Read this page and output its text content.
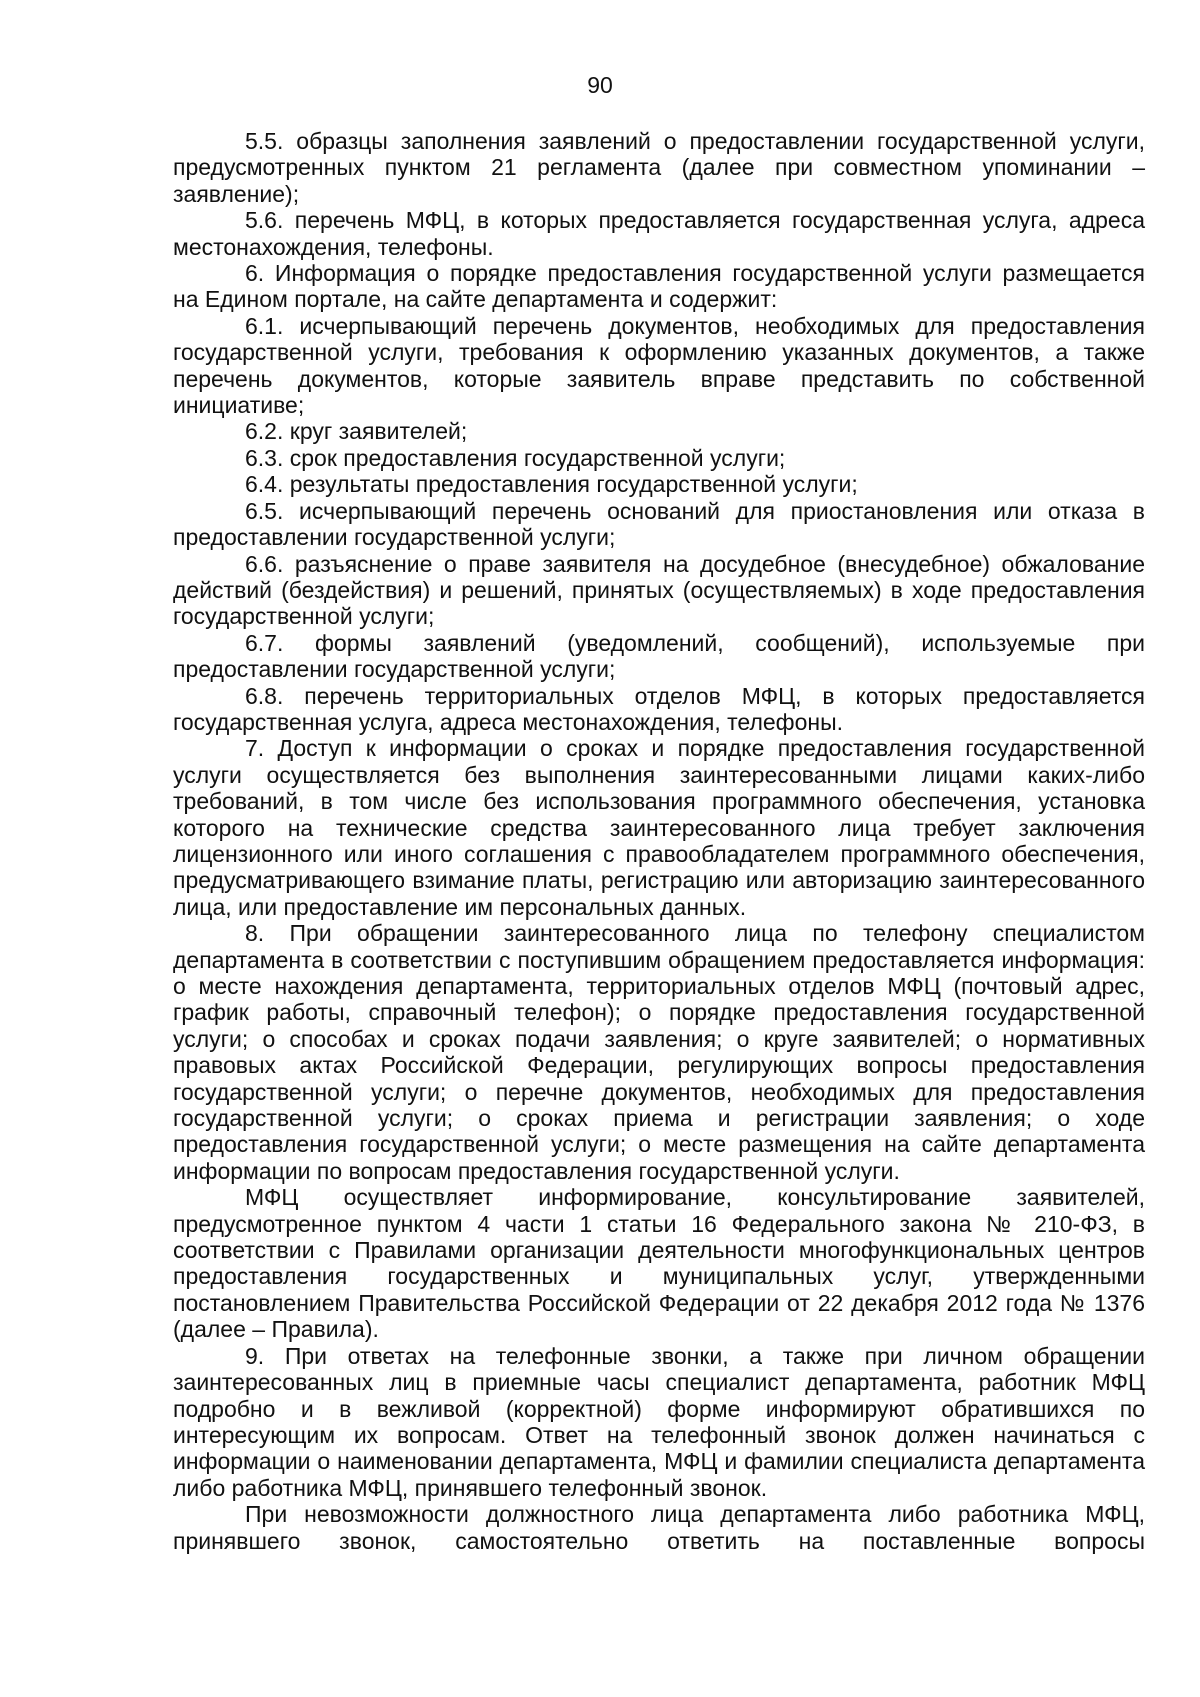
90

5.5. образцы заполнения заявлений о предоставлении государственной услуги, предусмотренных пунктом 21 регламента (далее при совместном упоминании – заявление);

5.6. перечень МФЦ, в которых предоставляется государственная услуга, адреса местонахождения, телефоны.

6. Информация о порядке предоставления государственной услуги размещается на Едином портале, на сайте департамента и содержит:

6.1. исчерпывающий перечень документов, необходимых для предоставления государственной услуги, требования к оформлению указанных документов, а также перечень документов, которые заявитель вправе представить по собственной инициативе;

6.2. круг заявителей;

6.3. срок предоставления государственной услуги;

6.4. результаты предоставления государственной услуги;

6.5. исчерпывающий перечень оснований для приостановления или отказа в предоставлении государственной услуги;

6.6. разъяснение о праве заявителя на досудебное (внесудебное) обжалование действий (бездействия) и решений, принятых (осуществляемых) в ходе предоставления государственной услуги;

6.7. формы заявлений (уведомлений, сообщений), используемые при предоставлении государственной услуги;

6.8. перечень территориальных отделов МФЦ, в которых предоставляется государственная услуга, адреса местонахождения, телефоны.

7. Доступ к информации о сроках и порядке предоставления государственной услуги осуществляется без выполнения заинтересованными лицами каких-либо требований, в том числе без использования программного обеспечения, установка которого на технические средства заинтересованного лица требует заключения лицензионного или иного соглашения с правообладателем программного обеспечения, предусматривающего взимание платы, регистрацию или авторизацию заинтересованного лица, или предоставление им персональных данных.

8. При обращении заинтересованного лица по телефону специалистом департамента в соответствии с поступившим обращением предоставляется информация: о месте нахождения департамента, территориальных отделов МФЦ (почтовый адрес, график работы, справочный телефон); о порядке предоставления государственной услуги; о способах и сроках подачи заявления; о круге заявителей; о нормативных правовых актах Российской Федерации, регулирующих вопросы предоставления государственной услуги; о перечне документов, необходимых для предоставления государственной услуги; о сроках приема и регистрации заявления; о ходе предоставления государственной услуги; о месте размещения на сайте департамента информации по вопросам предоставления государственной услуги.

МФЦ осуществляет информирование, консультирование заявителей, предусмотренное пунктом 4 части 1 статьи 16 Федерального закона № 210-ФЗ, в соответствии с Правилами организации деятельности многофункциональных центров предоставления государственных и муниципальных услуг, утвержденными постановлением Правительства Российской Федерации от 22 декабря 2012 года № 1376 (далее – Правила).

9. При ответах на телефонные звонки, а также при личном обращении заинтересованных лиц в приемные часы специалист департамента, работник МФЦ подробно и в вежливой (корректной) форме информируют обратившихся по интересующим их вопросам. Ответ на телефонный звонок должен начинаться с информации о наименовании департамента, МФЦ и фамилии специалиста департамента либо работника МФЦ, принявшего телефонный звонок.

При невозможности должностного лица департамента либо работника МФЦ, принявшего звонок, самостоятельно ответить на поставленные вопросы
